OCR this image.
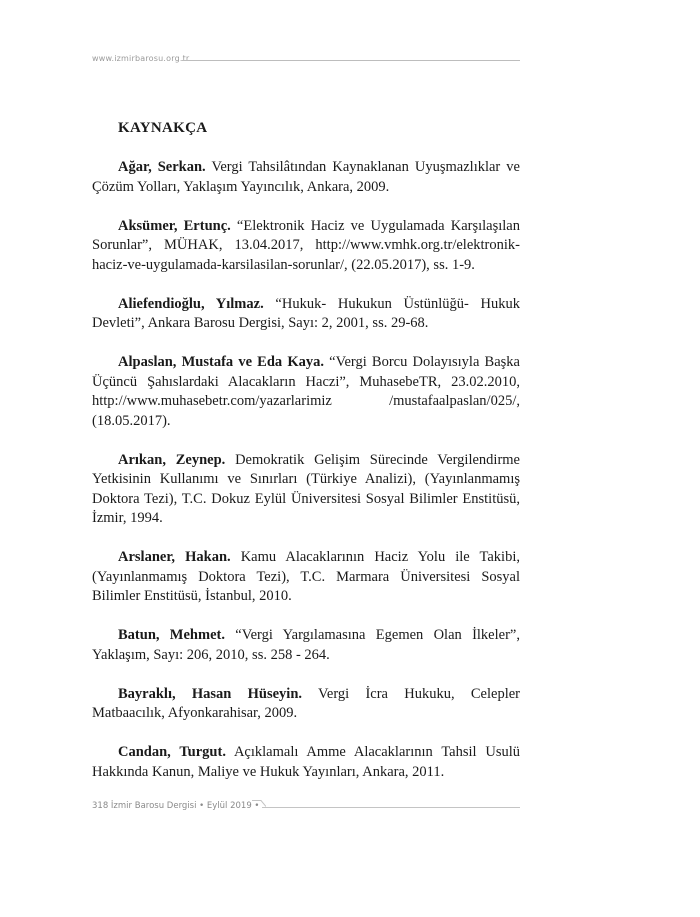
www.izmirbarosu.org.tr
KAYNAKÇA

Ağar, Serkan. Vergi Tahsilâtından Kaynaklanan Uyuşmazlıklar ve Çözüm Yolları, Yaklaşım Yayıncılık, Ankara, 2009.

Aksümer, Ertunç. “Elektronik Haciz ve Uygulamada Karşılaşılan Sorunlar”, MÜHAK, 13.04.2017, http://www.vmhk.org.tr/elektronik-haciz-ve-uygulamada-karsilasilan-sorunlar/, (22.05.2017), ss. 1-9.

Aliefendioğlu, Yılmaz. “Hukuk- Hukukun Üstünlüğü- Hukuk Devleti”, Ankara Barosu Dergisi, Sayı: 2, 2001, ss. 29-68.

Alpaslan, Mustafa ve Eda Kaya. “Vergi Borcu Dolayısıyla Başka Üçüncü Şahıslardaki Alacakların Haczi”, MuhasebeTR, 23.02.2010, http://www.muhasebetr.com/yazarlarimiz /mustafaalpaslan/025/, (18.05.2017).

Arıkan, Zeynep. Demokratik Gelişim Sürecinde Vergilendirme Yetkisinin Kullanımı ve Sınırları (Türkiye Analizi), (Yayınlanmamış Doktora Tezi), T.C. Dokuz Eylül Üniversitesi Sosyal Bilimler Enstitüsü, İzmir, 1994.

Arslaner, Hakan. Kamu Alacaklarının Haciz Yolu ile Takibi, (Yayınlanmamış Doktora Tezi), T.C. Marmara Üniversitesi Sosyal Bilimler Enstitüsü, İstanbul, 2010.

Batun, Mehmet. “Vergi Yargılamasına Egemen Olan İlkeler”, Yaklaşım, Sayı: 206, 2010, ss. 258 - 264.

Bayraklı, Hasan Hüseyin. Vergi İcra Hukuku, Celepler Matbaacılık, Afyonkarahisar, 2009.

Candan, Turgut. Açıklamalı Amme Alacaklarının Tahsil Usulü Hakkında Kanun, Maliye ve Hukuk Yayınları, Ankara, 2011.

318 İzmir Barosu Dergisi • Eylül 2019 •
